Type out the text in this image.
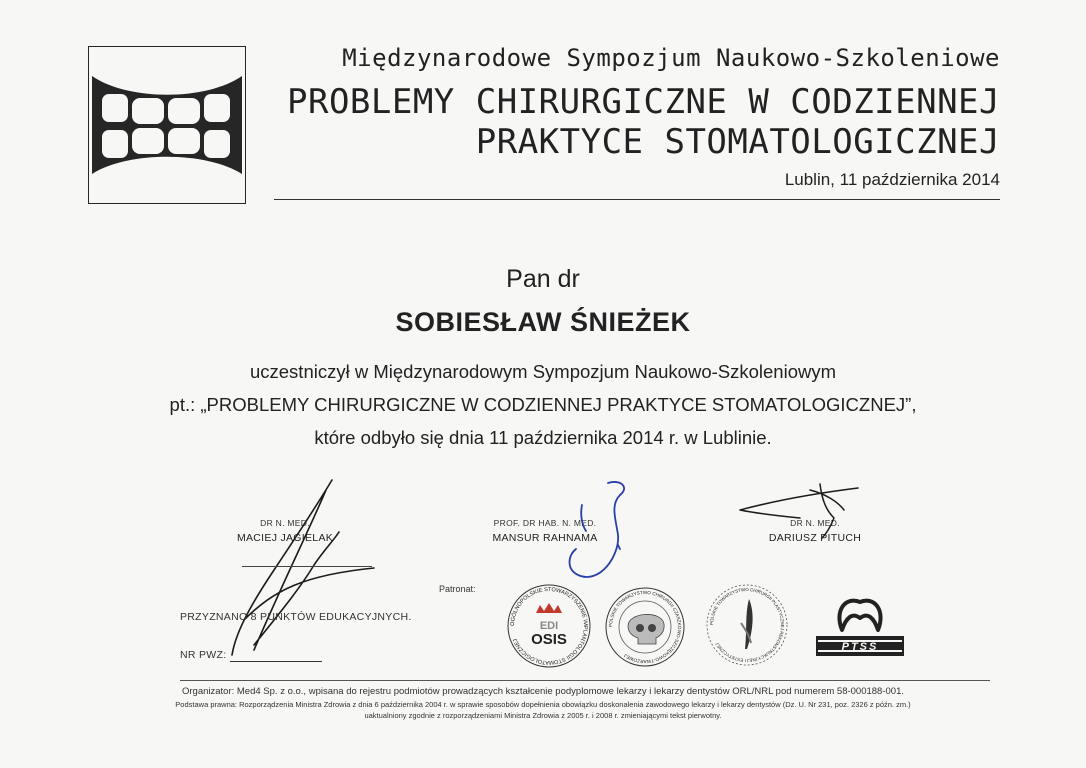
Międzynarodowe Sympozjum Naukowo-Szkoleniowe
PROBLEMY CHIRURGICZNE W CODZIENNEJ
PRAKTYCE STOMATOLOGICZNEJ
Lublin, 11 października 2014
Pan dr
SOBIESŁAW ŚNIEŻEK
uczestniczył w Międzynarodowym Sympozjum Naukowo-Szkoleniowym
pt.: „PROBLEMY CHIRURGICZNE W CODZIENNEJ PRAKTYCE STOMATOLOGICZNEJ”,
które odbyło się dnia 11 października 2014 r. w Lublinie.
DR N. MED.
MACIEJ JAGIELAK
PROF. DR HAB. N. MED.
MANSUR RAHNAMA
DR N. MED.
DARIUSZ PITUCH
PRZYZNANO 8 PUNKTÓW EDUKACYJNYCH.
NR PWZ:
Patronat:
OGÓLNOPOLSKIE STOWARZYSZENIE IMPLANTOLOGII STOMATOLOGICZNEJ
EDI
OSIS
POLSKIE TOWARZYSTWO CHIRURGII CZASZKOWO-SZCZĘKOWO-TWARZOWEJ
POLSKIE TOWARZYSTWO CHIRURGII PLASTYCZNEJ REKONSTRUKCYJNEJ I ESTETYCZNEJ	PTSS
Organizator: Med4 Sp. z o.o., wpisana do rejestru podmiotów prowadzących kształcenie podyplomowe lekarzy i lekarzy dentystów ORL/NRL pod numerem 58-000188-001.
Podstawa prawna: Rozporządzenia Ministra Zdrowia z dnia 6 października 2004 r. w sprawie sposobów dopełnienia obowiązku doskonalenia zawodowego lekarzy i lekarzy dentystów (Dz. U. Nr 231, poz. 2326 z późn. zm.)
uaktualniony zgodnie z rozporządzeniami Ministra Zdrowia z 2005 r. i 2008 r. zmieniającymi tekst pierwotny.
